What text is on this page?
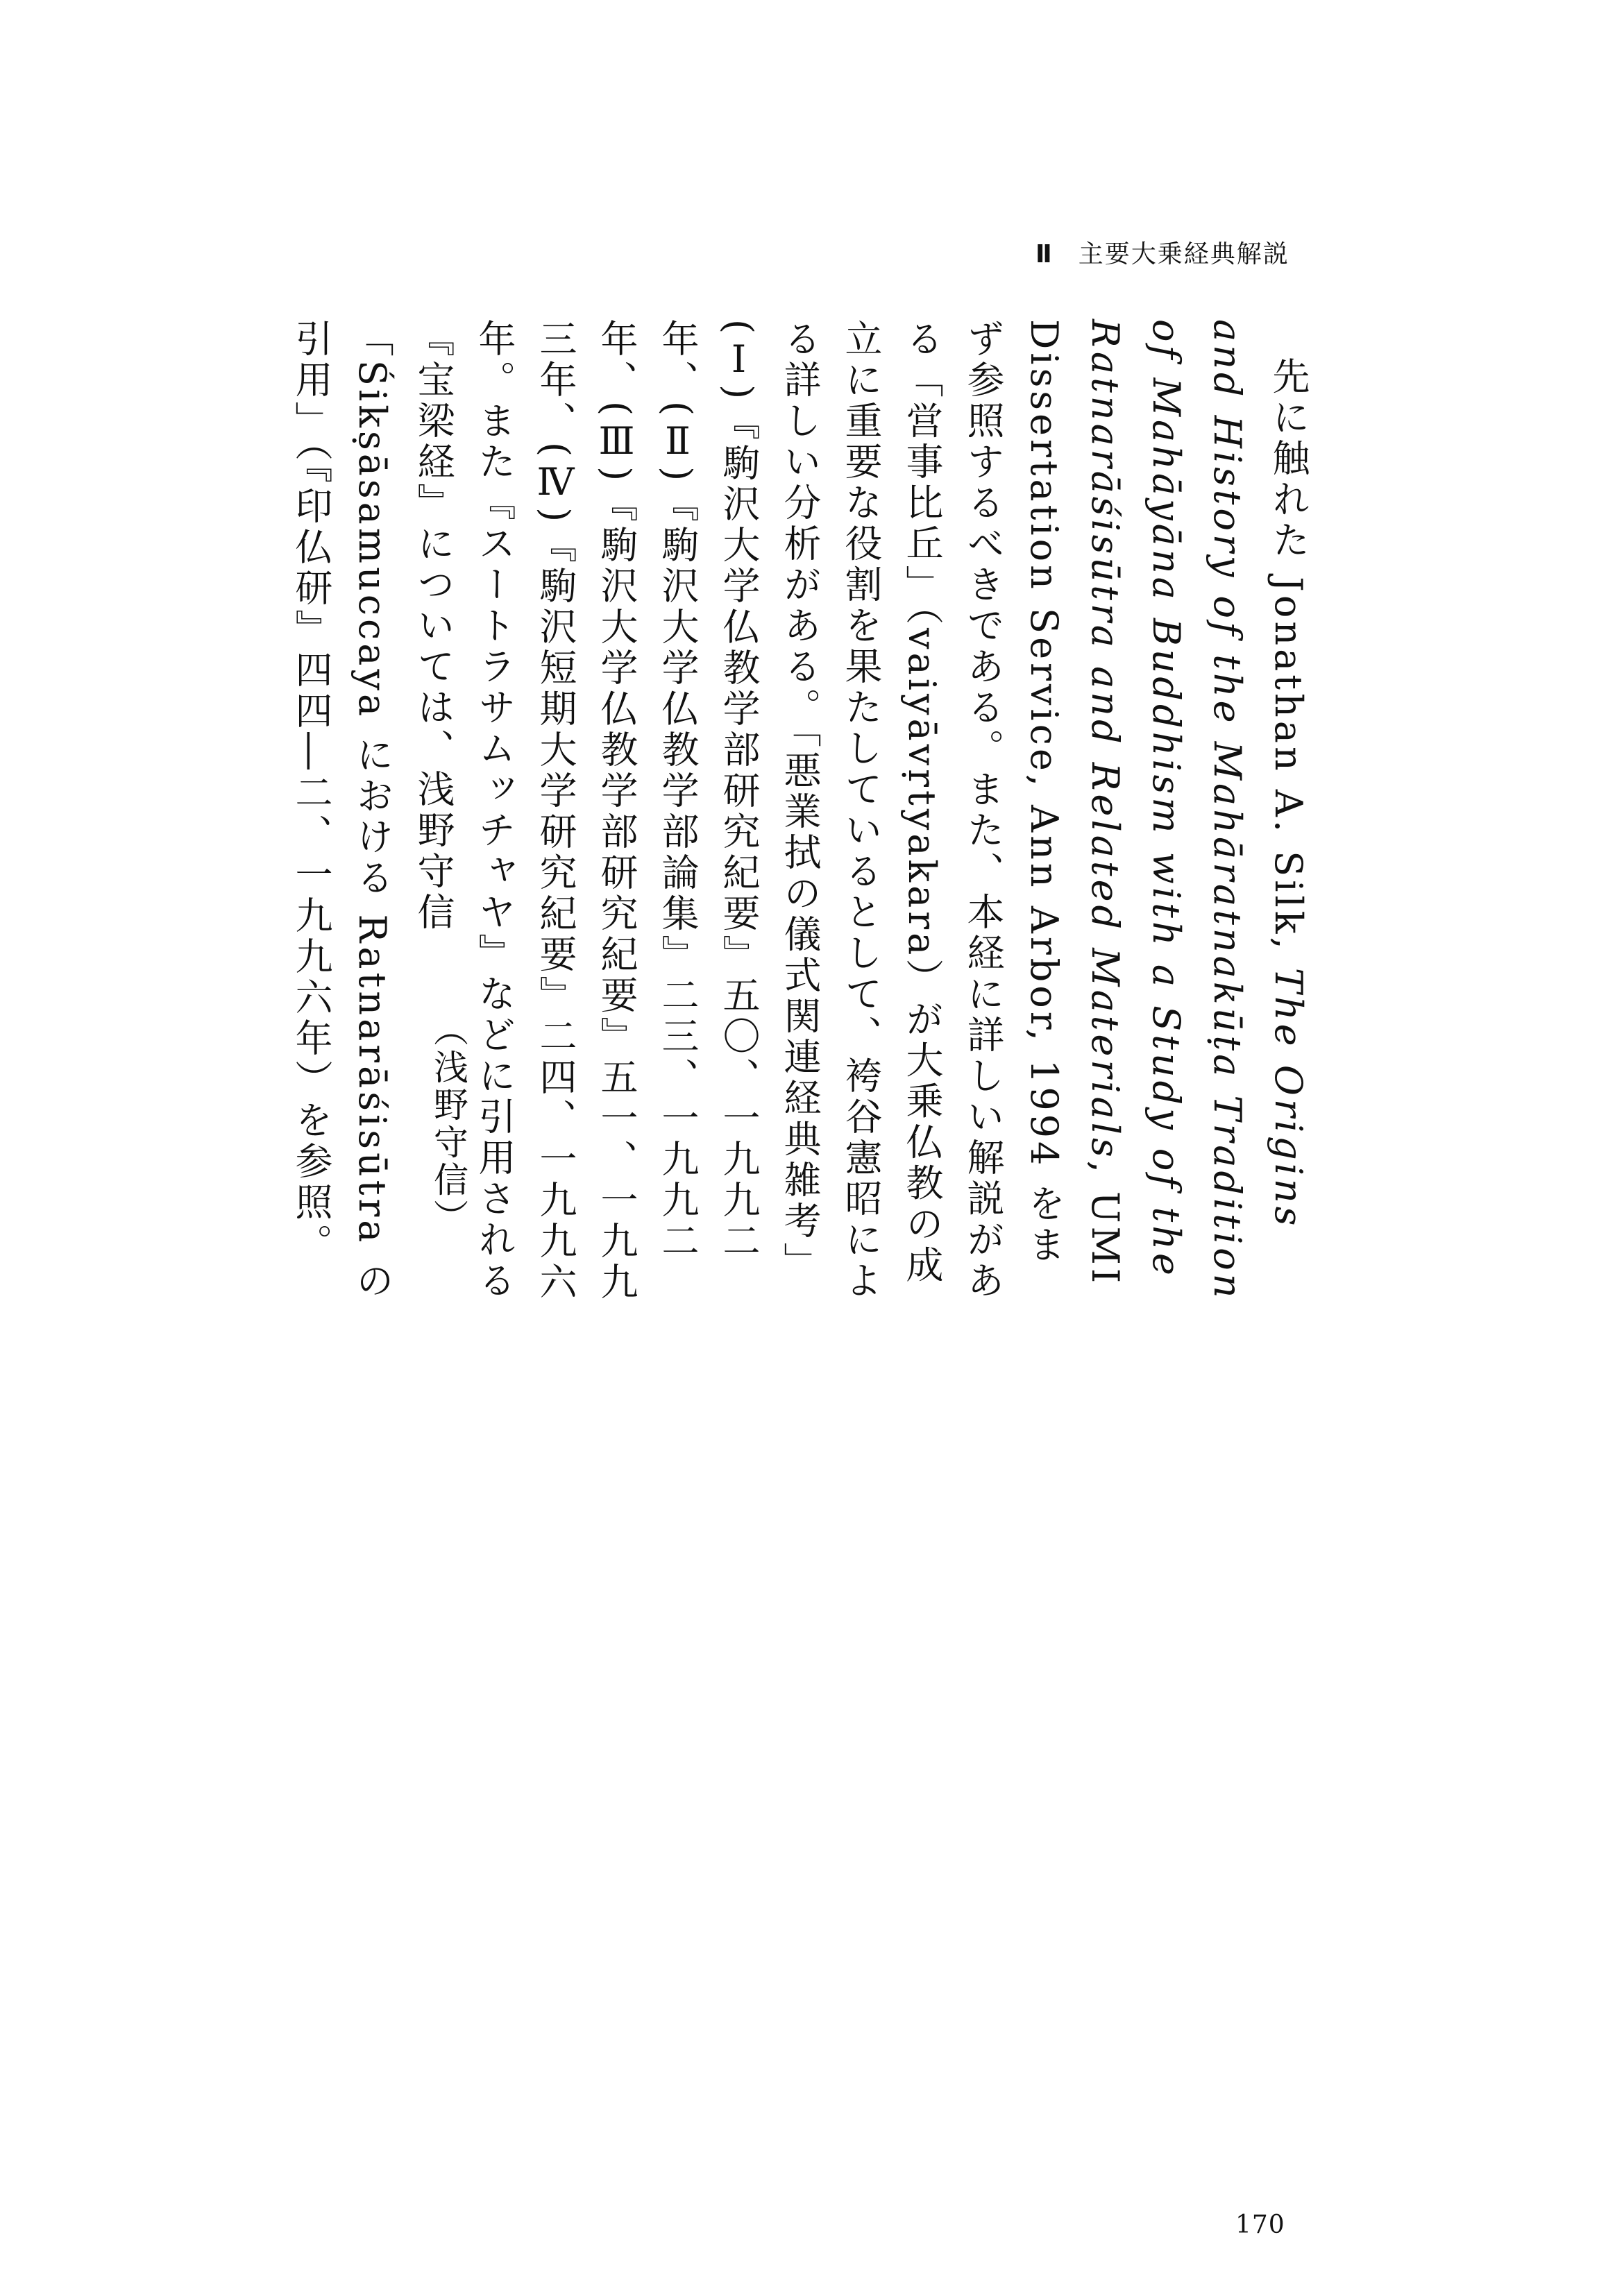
Ⅱ 主要大乗経典解説

先に触れた Jonathan A. Silk, The Origins and History of the Mahāratnakūṭa Tradition of Mahāyāna Buddhism with a Study of the Ratnarāśisūtra and Related Materials, UMI Dissertation Service, Ann Arbor, 1994 をまず参照するべきである。また、本経に詳しい解説がある「営事比丘」（vaiyāvṛtyakara）が大乗仏教の成立に重要な役割を果たしているとして、袴谷憲昭による詳しい分析がある。「悪業拭の儀式関連経典雑考」(Ⅰ)『駒沢大学仏教学部研究紀要』五〇、一九九二年、(Ⅱ)『駒沢大学仏教学部論集』二三、一九九二年、(Ⅲ)『駒沢大学仏教学部研究紀要』五一、一九九三年、(Ⅳ)『駒沢短期大学研究紀要』二四、一九九六年。また『スートラサムッチャヤ』などに引用される『宝梁経』については、浅野守信「Śikṣāsamuccaya における Ratnarāśisūtra の引用」（『印仏研』四四―二、一九九六年）を参照。	（浅野守信）
170
